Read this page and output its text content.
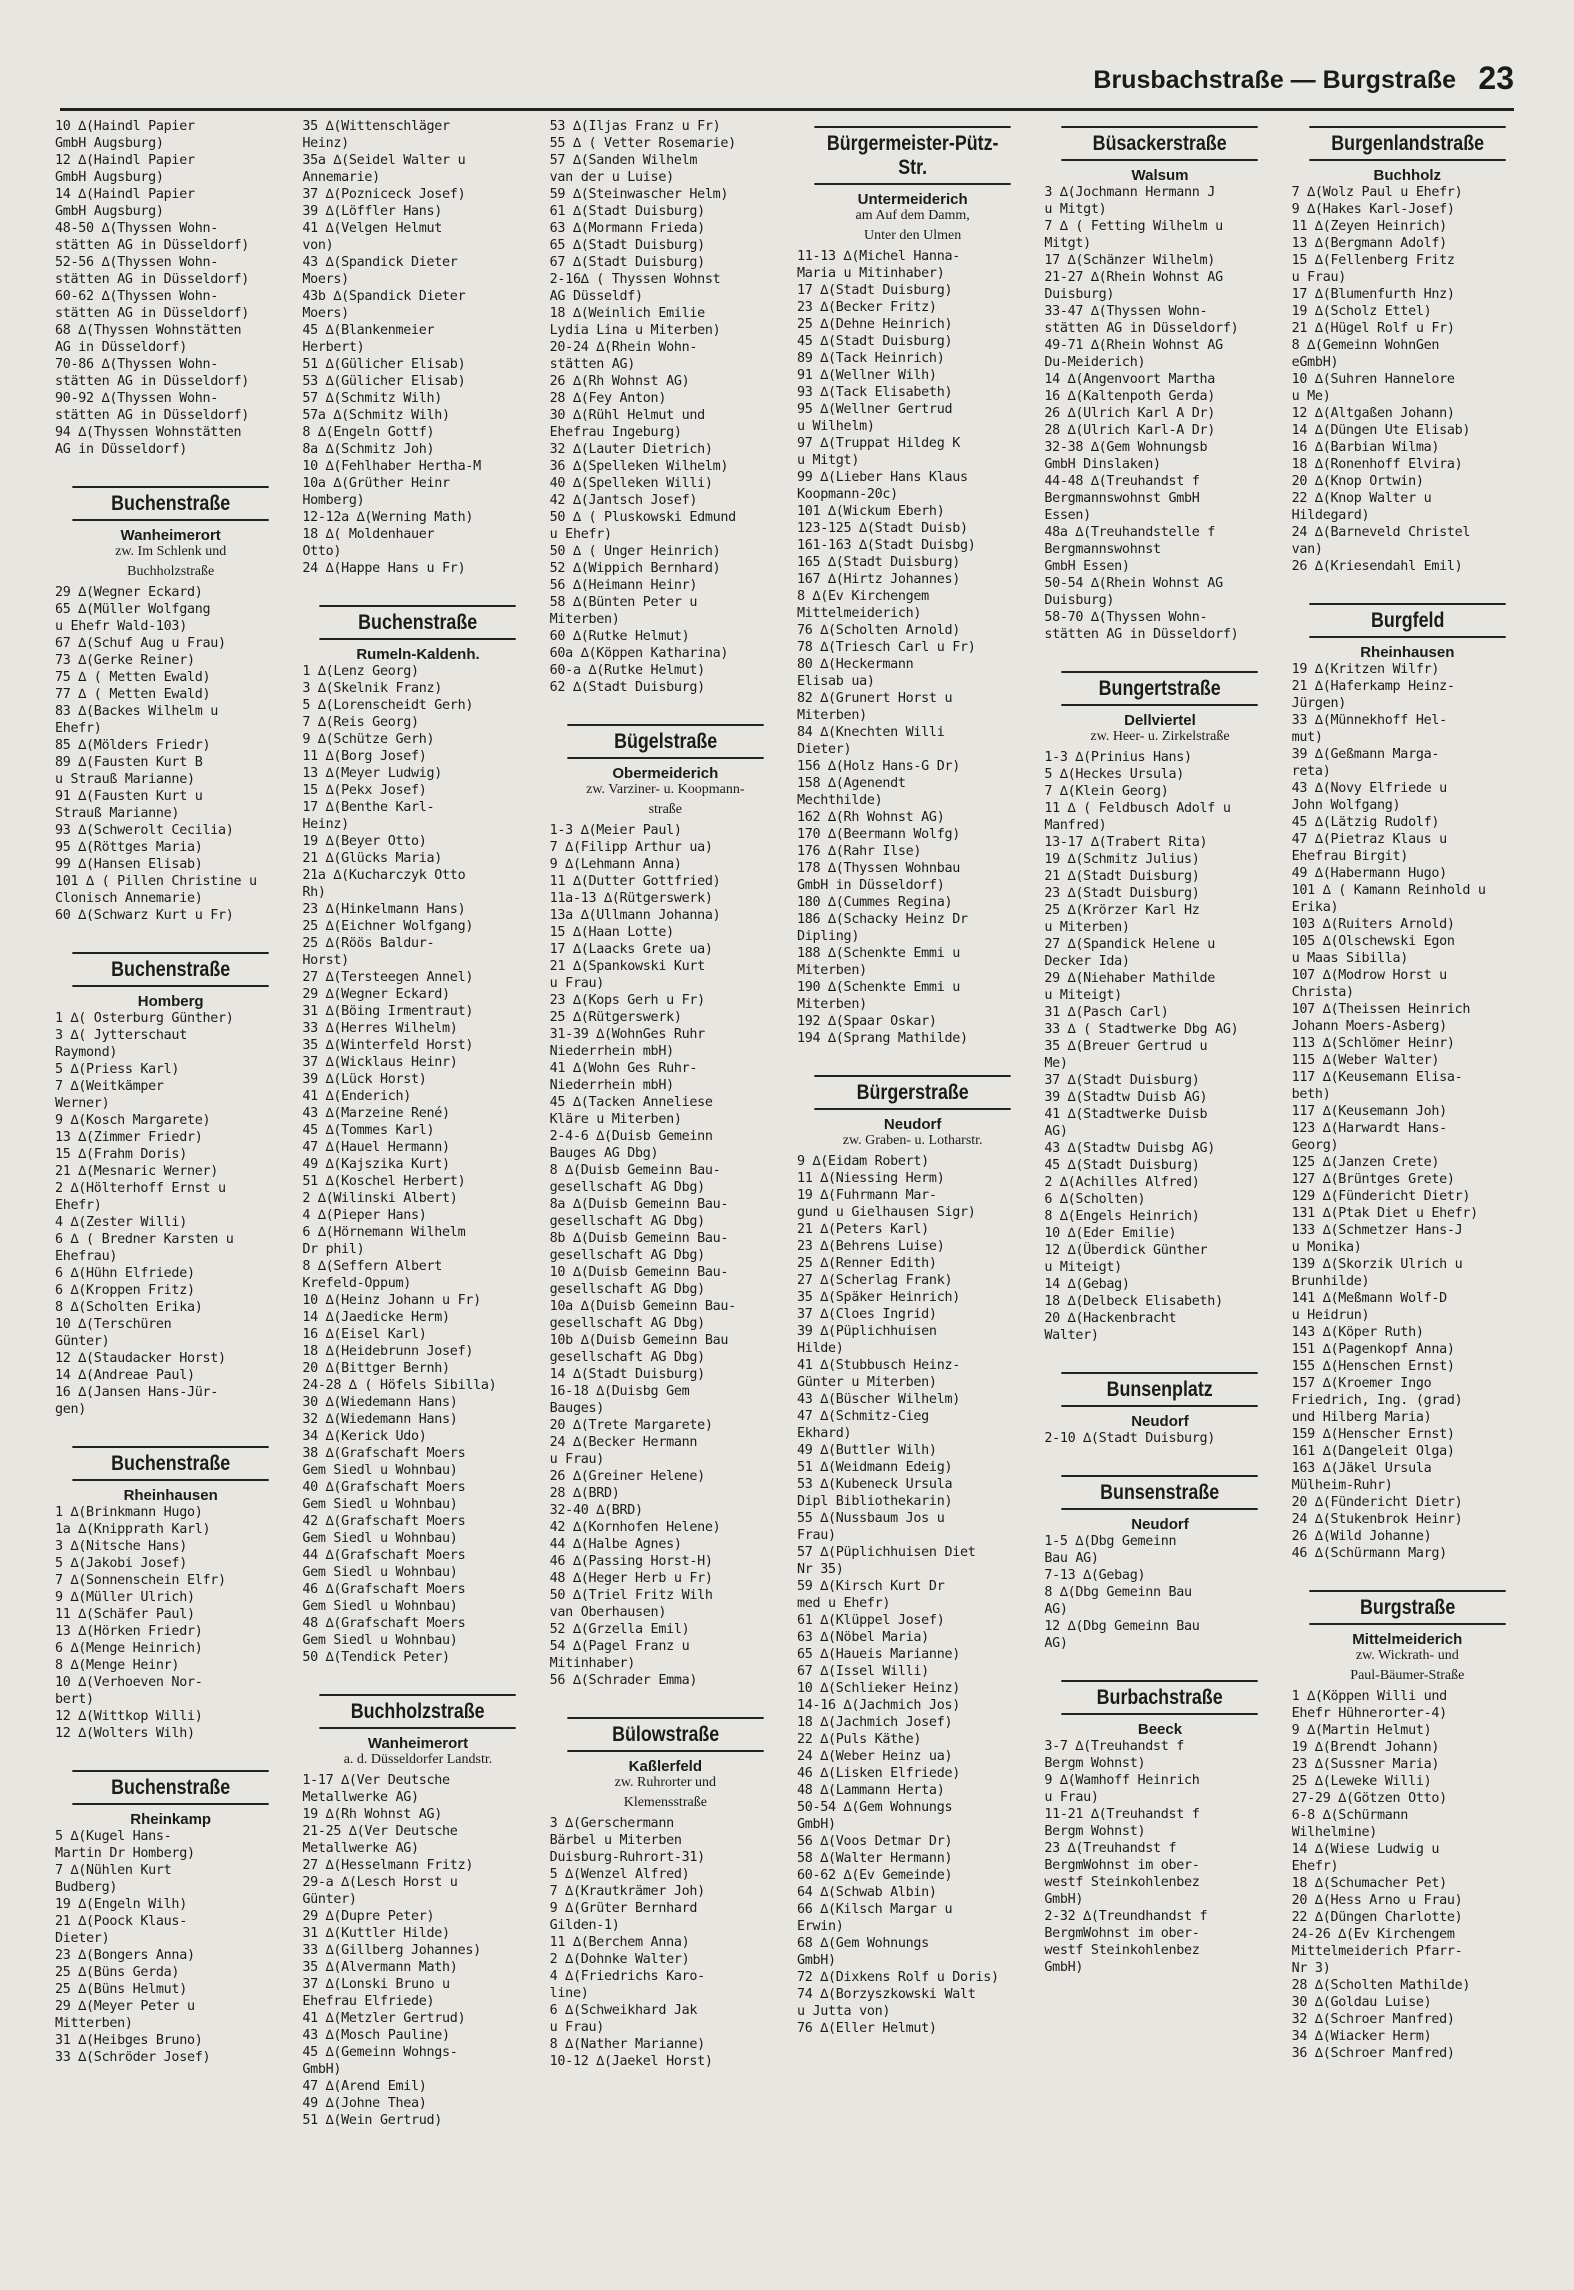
Brusbachstraße — Burgstraße 23
10 ∆(Haindl Papier
GmbH Augsburg)
12 ∆(Haindl Papier
GmbH Augsburg)
14 ∆(Haindl Papier
GmbH Augsburg)
48-50 ∆(Thyssen Wohn-
stätten AG in Düsseldorf)
52-56 ∆(Thyssen Wohn-
stätten AG in Düsseldorf)
60-62 ∆(Thyssen Wohn-
stätten AG in Düsseldorf)
68 ∆(Thyssen Wohnstätten
AG in Düsseldorf)
70-86 ∆(Thyssen Wohn-
stätten AG in Düsseldorf)
90-92 ∆(Thyssen Wohn-
stätten AG in Düsseldorf)
94 ∆(Thyssen Wohnstätten
AG in Düsseldorf)
Buchenstraße
Wanheimerort
zw. Im Schlenk und
Buchholzstraße
29 ∆(Wegner Eckard)
65 ∆(Müller Wolfgang
u Ehefr Wald-103)
67 ∆(Schuf Aug u Frau)
73 ∆(Gerke Reiner)
75 ∆ ( Metten Ewald)
77 ∆ ( Metten Ewald)
83 ∆(Backes Wilhelm u
Ehefr)
85 ∆(Mölders Friedr)
89 ∆(Fausten Kurt B
u Strauß Marianne)
91 ∆(Fausten Kurt u
Strauß Marianne)
93 ∆(Schwerolt Cecilia)
95 ∆(Röttges Maria)
99 ∆(Hansen Elisab)
101 ∆ ( Pillen Christine u
Clonisch Annemarie)
60 ∆(Schwarz Kurt u Fr)
Buchenstraße
Homberg
1 ∆( Osterburg Günther)
3 ∆( Jytterschaut
Raymond)
5 ∆(Priess Karl)
7 ∆(Weitkämper
Werner)
9 ∆(Kosch Margarete)
13 ∆(Zimmer Friedr)
15 ∆(Frahm Doris)
21 ∆(Mesnaric Werner)
2 ∆(Hölterhoff Ernst u
Ehefr)
4 ∆(Zester Willi)
6 ∆ ( Bredner Karsten u
Ehefrau)
6 ∆(Hühn Elfriede)
6 ∆(Kroppen Fritz)
8 ∆(Scholten Erika)
10 ∆(Terschüren
Günter)
12 ∆(Staudacker Horst)
14 ∆(Andreae Paul)
16 ∆(Jansen Hans-Jür-
gen)
Buchenstraße
Rheinhausen
1 ∆(Brinkmann Hugo)
1a ∆(Knipprath Karl)
3 ∆(Nitsche Hans)
5 ∆(Jakobi Josef)
7 ∆(Sonnenschein Elfr)
9 ∆(Müller Ulrich)
11 ∆(Schäfer Paul)
13 ∆(Hörken Friedr)
6 ∆(Menge Heinrich)
8 ∆(Menge Heinr)
10 ∆(Verhoeven Nor-
bert)
12 ∆(Wittkop Willi)
12 ∆(Wolters Wilh)
Buchenstraße
Rheinkamp
5 ∆(Kugel Hans-
Martin Dr Homberg)
7 ∆(Nühlen Kurt
Budberg)
19 ∆(Engeln Wilh)
21 ∆(Poock Klaus-
Dieter)
23 ∆(Bongers Anna)
25 ∆(Büns Gerda)
25 ∆(Büns Helmut)
29 ∆(Meyer Peter u
Mitterben)
31 ∆(Heibges Bruno)
33 ∆(Schröder Josef)
35 ∆(Wittenschläger
Heinz)
35a ∆(Seidel Walter u
Annemarie)
37 ∆(Pozniceck Josef)
39 ∆(Löffler Hans)
41 ∆(Velgen Helmut
von)
43 ∆(Spandick Dieter
Moers)
43b ∆(Spandick Dieter
Moers)
45 ∆(Blankenmeier
Herbert)
51 ∆(Gülicher Elisab)
53 ∆(Gülicher Elisab)
57 ∆(Schmitz Wilh)
57a ∆(Schmitz Wilh)
8 ∆(Engeln Gottf)
8a ∆(Schmitz Joh)
10 ∆(Fehlhaber Hertha-M
10a ∆(Grüther Heinr
Homberg)
12-12a ∆(Werning Math)
18 ∆( Moldenhauer
Otto)
24 ∆(Happe Hans u Fr)
Buchenstraße
Rumeln-Kaldenh.
1 ∆(Lenz Georg)
3 ∆(Skelnik Franz)
5 ∆(Lorenscheidt Gerh)
7 ∆(Reis Georg)
9 ∆(Schütze Gerh)
11 ∆(Borg Josef)
13 ∆(Meyer Ludwig)
15 ∆(Pekx Josef)
17 ∆(Benthe Karl-
Heinz)
19 ∆(Beyer Otto)
21 ∆(Glücks Maria)
21a ∆(Kucharczyk Otto
Rh)
23 ∆(Hinkelmann Hans)
25 ∆(Eichner Wolfgang)
25 ∆(Röös Baldur-
Horst)
27 ∆(Tersteegen Annel)
29 ∆(Wegner Eckard)
31 ∆(Böing Irmentraut)
33 ∆(Herres Wilhelm)
35 ∆(Winterfeld Horst)
37 ∆(Wicklaus Heinr)
39 ∆(Lück Horst)
41 ∆(Enderich)
43 ∆(Marzeine René)
45 ∆(Tommes Karl)
47 ∆(Hauel Hermann)
49 ∆(Kajszika Kurt)
51 ∆(Koschel Herbert)
2 ∆(Wilinski Albert)
4 ∆(Pieper Hans)
6 ∆(Hörnemann Wilhelm
Dr phil)
8 ∆(Seffern Albert
Krefeld-Oppum)
10 ∆(Heinz Johann u Fr)
14 ∆(Jaedicke Herm)
16 ∆(Eisel Karl)
18 ∆(Heidebrunn Josef)
20 ∆(Bittger Bernh)
24-28 ∆ ( Höfels Sibilla)
30 ∆(Wiedemann Hans)
32 ∆(Wiedemann Hans)
34 ∆(Kerick Udo)
38 ∆(Grafschaft Moers
Gem Siedl u Wohnbau)
40 ∆(Grafschaft Moers
Gem Siedl u Wohnbau)
42 ∆(Grafschaft Moers
Gem Siedl u Wohnbau)
44 ∆(Grafschaft Moers
Gem Siedl u Wohnbau)
46 ∆(Grafschaft Moers
Gem Siedl u Wohnbau)
48 ∆(Grafschaft Moers
Gem Siedl u Wohnbau)
50 ∆(Tendick Peter)
Buchholzstraße
Wanheimerort
a. d. Düsseldorfer Landstr.
1-17 ∆(Ver Deutsche
Metallwerke AG)
19 ∆(Rh Wohnst AG)
21-25 ∆(Ver Deutsche
Metallwerke AG)
27 ∆(Hesselmann Fritz)
29-a ∆(Lesch Horst u
Günter)
29 ∆(Dupre Peter)
31 ∆(Kuttler Hilde)
33 ∆(Gillberg Johannes)
35 ∆(Alvermann Math)
37 ∆(Lonski Bruno u
Ehefrau Elfriede)
41 ∆(Metzler Gertrud)
43 ∆(Mosch Pauline)
45 ∆(Gemeinn Wohngs-
GmbH)
47 ∆(Arend Emil)
49 ∆(Johne Thea)
51 ∆(Wein Gertrud)
53 ∆(Iljas Franz u Fr)
55 ∆ ( Vetter Rosemarie)
57 ∆(Sanden Wilhelm
van der u Luise)
59 ∆(Steinwascher Helm)
61 ∆(Stadt Duisburg)
63 ∆(Mormann Frieda)
65 ∆(Stadt Duisburg)
67 ∆(Stadt Duisburg)
2-16∆ ( Thyssen Wohnst
AG Düsseldf)
18 ∆(Weinlich Emilie
Lydia Lina u Miterben)
20-24 ∆(Rhein Wohn-
stätten AG)
26 ∆(Rh Wohnst AG)
28 ∆(Fey Anton)
30 ∆(Rühl Helmut und
Ehefrau Ingeburg)
32 ∆(Lauter Dietrich)
36 ∆(Spelleken Wilhelm)
40 ∆(Spelleken Willi)
42 ∆(Jantsch Josef)
50 ∆ ( Pluskowski Edmund
u Ehefr)
50 ∆ ( Unger Heinrich)
52 ∆(Wippich Bernhard)
56 ∆(Heimann Heinr)
58 ∆(Bünten Peter u
Miterben)
60 ∆(Rutke Helmut)
60a ∆(Köppen Katharina)
60-a ∆(Rutke Helmut)
62 ∆(Stadt Duisburg)
Bügelstraße
Obermeiderich
zw. Varziner- u. Koopmann-
straße
1-3 ∆(Meier Paul)
7 ∆(Filipp Arthur ua)
9 ∆(Lehmann Anna)
11 ∆(Dutter Gottfried)
11a-13 ∆(Rütgerswerk)
13a ∆(Ullmann Johanna)
15 ∆(Haan Lotte)
17 ∆(Laacks Grete ua)
21 ∆(Spankowski Kurt
u Frau)
23 ∆(Kops Gerh u Fr)
25 ∆(Rütgerswerk)
31-39 ∆(WohnGes Ruhr
Niederrhein mbH)
41 ∆(Wohn Ges Ruhr-
Niederrhein mbH)
45 ∆(Tacken Anneliese
Kläre u Miterben)
2-4-6 ∆(Duisb Gemeinn
Bauges AG Dbg)
8 ∆(Duisb Gemeinn Bau-
gesellschaft AG Dbg)
8a ∆(Duisb Gemeinn Bau-
gesellschaft AG Dbg)
8b ∆(Duisb Gemeinn Bau-
gesellschaft AG Dbg)
10 ∆(Duisb Gemeinn Bau-
gesellschaft AG Dbg)
10a ∆(Duisb Gemeinn Bau-
gesellschaft AG Dbg)
10b ∆(Duisb Gemeinn Bau
gesellschaft AG Dbg)
14 ∆(Stadt Duisburg)
16-18 ∆(Duisbg Gem
Bauges)
20 ∆(Trete Margarete)
24 ∆(Becker Hermann
u Frau)
26 ∆(Greiner Helene)
28 ∆(BRD)
32-40 ∆(BRD)
42 ∆(Kornhofen Helene)
44 ∆(Halbe Agnes)
46 ∆(Passing Horst-H)
48 ∆(Heger Herb u Fr)
50 ∆(Triel Fritz Wilh
van Oberhausen)
52 ∆(Grzella Emil)
54 ∆(Pagel Franz u
Mitinhaber)
56 ∆(Schrader Emma)
Bülowstraße
Kaßlerfeld
zw. Ruhrorter und
Klemensstraße
3 ∆(Gerschermann
Bärbel u Miterben
Duisburg-Ruhrort-31)
5 ∆(Wenzel Alfred)
7 ∆(Krautkrämer Joh)
9 ∆(Grüter Bernhard
Gilden-1)
11 ∆(Berchem Anna)
2 ∆(Dohnke Walter)
4 ∆(Friedrichs Karo-
line)
6 ∆(Schweikhard Jak
u Frau)
8 ∆(Nather Marianne)
10-12 ∆(Jaekel Horst)
Bürgermeister-Pütz-Str.
Untermeiderich
am Auf dem Damm,
Unter den Ulmen
11-13 ∆(Michel Hanna-
Maria u Mitinhaber)
17 ∆(Stadt Duisburg)
23 ∆(Becker Fritz)
25 ∆(Dehne Heinrich)
45 ∆(Stadt Duisburg)
89 ∆(Tack Heinrich)
91 ∆(Wellner Wilh)
93 ∆(Tack Elisabeth)
95 ∆(Wellner Gertrud
u Wilhelm)
97 ∆(Truppat Hildeg K
u Mitgt)
99 ∆(Lieber Hans Klaus
Koopmann-20c)
101 ∆(Wickum Eberh)
123-125 ∆(Stadt Duisb)
161-163 ∆(Stadt Duisbg)
165 ∆(Stadt Duisburg)
167 ∆(Hirtz Johannes)
8 ∆(Ev Kirchengem
Mittelmeiderich)
76 ∆(Scholten Arnold)
78 ∆(Triesch Carl u Fr)
80 ∆(Heckermann
Elisab ua)
82 ∆(Grunert Horst u
Miterben)
84 ∆(Knechten Willi
Dieter)
156 ∆(Holz Hans-G Dr)
158 ∆(Agenendt
Mechthilde)
162 ∆(Rh Wohnst AG)
170 ∆(Beermann Wolfg)
176 ∆(Rahr Ilse)
178 ∆(Thyssen Wohnbau
GmbH in Düsseldorf)
180 ∆(Cummes Regina)
186 ∆(Schacky Heinz Dr
Dipling)
188 ∆(Schenkte Emmi u
Miterben)
190 ∆(Schenkte Emmi u
Miterben)
192 ∆(Spaar Oskar)
194 ∆(Sprang Mathilde)
Bürgerstraße
Neudorf
zw. Graben- u. Lotharstr.
9 ∆(Eidam Robert)
11 ∆(Niessing Herm)
19 ∆(Fuhrmann Mar-
gund u Gielhausen Sigr)
21 ∆(Peters Karl)
23 ∆(Behrens Luise)
25 ∆(Renner Edith)
27 ∆(Scherlag Frank)
35 ∆(Späker Heinrich)
37 ∆(Cloes Ingrid)
39 ∆(Püplichhuisen
Hilde)
41 ∆(Stubbusch Heinz-
Günter u Miterben)
43 ∆(Büscher Wilhelm)
47 ∆(Schmitz-Cieg
Ekhard)
49 ∆(Buttler Wilh)
51 ∆(Weidmann Edeig)
53 ∆(Kubeneck Ursula
Dipl Bibliothekarin)
55 ∆(Nussbaum Jos u
Frau)
57 ∆(Püplichhuisen Diet
Nr 35)
59 ∆(Kirsch Kurt Dr
med u Ehefr)
61 ∆(Klüppel Josef)
63 ∆(Nöbel Maria)
65 ∆(Haueis Marianne)
67 ∆(Issel Willi)
10 ∆(Schlieker Heinz)
14-16 ∆(Jachmich Jos)
18 ∆(Jachmich Josef)
22 ∆(Puls Käthe)
24 ∆(Weber Heinz ua)
46 ∆(Lisken Elfriede)
48 ∆(Lammann Herta)
50-54 ∆(Gem Wohnungs
GmbH)
56 ∆(Voos Detmar Dr)
58 ∆(Walter Hermann)
60-62 ∆(Ev Gemeinde)
64 ∆(Schwab Albin)
66 ∆(Kilsch Margar u
Erwin)
68 ∆(Gem Wohnungs
GmbH)
72 ∆(Dixkens Rolf u Doris)
74 ∆(Borzyszkowski Walt
u Jutta von)
76 ∆(Eller Helmut)
Büsackerstraße
Walsum
3 ∆(Jochmann Hermann J
u Mitgt)
7 ∆ ( Fetting Wilhelm u
Mitgt)
17 ∆(Schänzer Wilhelm)
21-27 ∆(Rhein Wohnst AG
Duisburg)
33-47 ∆(Thyssen Wohn-
stätten AG in Düsseldorf)
49-71 ∆(Rhein Wohnst AG
Du-Meiderich)
14 ∆(Angenvoort Martha
16 ∆(Kaltenpoth Gerda)
26 ∆(Ulrich Karl A Dr)
28 ∆(Ulrich Karl-A Dr)
32-38 ∆(Gem Wohnungsb
GmbH Dinslaken)
44-48 ∆(Treuhandst f
Bergmannswohnst GmbH
Essen)
48a ∆(Treuhandstelle f
Bergmannswohnst
GmbH Essen)
50-54 ∆(Rhein Wohnst AG
Duisburg)
58-70 ∆(Thyssen Wohn-
stätten AG in Düsseldorf)
Bungertstraße
Dellviertel
zw. Heer- u. Zirkelstraße
1-3 ∆(Prinius Hans)
5 ∆(Heckes Ursula)
7 ∆(Klein Georg)
11 ∆ ( Feldbusch Adolf u
Manfred)
13-17 ∆(Trabert Rita)
19 ∆(Schmitz Julius)
21 ∆(Stadt Duisburg)
23 ∆(Stadt Duisburg)
25 ∆(Krörzer Karl Hz
u Miterben)
27 ∆(Spandick Helene u
Decker Ida)
29 ∆(Niehaber Mathilde
u Miteigt)
31 ∆(Pasch Carl)
33 ∆ ( Stadtwerke Dbg AG)
35 ∆(Breuer Gertrud u
Me)
37 ∆(Stadt Duisburg)
39 ∆(Stadtw Duisb AG)
41 ∆(Stadtwerke Duisb
AG)
43 ∆(Stadtw Duisbg AG)
45 ∆(Stadt Duisburg)
2 ∆(Achilles Alfred)
6 ∆(Scholten)
8 ∆(Engels Heinrich)
10 ∆(Eder Emilie)
12 ∆(Überdick Günther
u Miteigt)
14 ∆(Gebag)
18 ∆(Delbeck Elisabeth)
20 ∆(Hackenbracht
Walter)
Bunsenplatz
Neudorf
2-10 ∆(Stadt Duisburg)
Bunsenstraße
Neudorf
1-5 ∆(Dbg Gemeinn
Bau AG)
7-13 ∆(Gebag)
8 ∆(Dbg Gemeinn Bau
AG)
12 ∆(Dbg Gemeinn Bau
AG)
Burbachstraße
Beeck
3-7 ∆(Treuhandst f
Bergm Wohnst)
9 ∆(Wamhoff Heinrich
u Frau)
11-21 ∆(Treuhandst f
Bergm Wohnst)
23 ∆(Treuhandst f
BergmWohnst im ober-
westf Steinkohlenbez
GmbH)
2-32 ∆(Treundhandst f
BergmWohnst im ober-
westf Steinkohlenbez
GmbH)
Burgenlandstraße
Buchholz
7 ∆(Wolz Paul u Ehefr)
9 ∆(Hakes Karl-Josef)
11 ∆(Zeyen Heinrich)
13 ∆(Bergmann Adolf)
15 ∆(Fellenberg Fritz
u Frau)
17 ∆(Blumenfurth Hnz)
19 ∆(Scholz Ettel)
21 ∆(Hügel Rolf u Fr)
8 ∆(Gemeinn WohnGen
eGmbH)
10 ∆(Suhren Hannelore
u Me)
12 ∆(Altgaßen Johann)
14 ∆(Düngen Ute Elisab)
16 ∆(Barbian Wilma)
18 ∆(Ronenhoff Elvira)
20 ∆(Knop Ortwin)
22 ∆(Knop Walter u
Hildegard)
24 ∆(Barneveld Christel
van)
26 ∆(Kriesendahl Emil)
Burgfeld
Rheinhausen
19 ∆(Kritzen Wilfr)
21 ∆(Haferkamp Heinz-
Jürgen)
33 ∆(Münnekhoff Hel-
mut)
39 ∆(Geßmann Marga-
reta)
43 ∆(Novy Elfriede u
John Wolfgang)
45 ∆(Lätzig Rudolf)
47 ∆(Pietraz Klaus u
Ehefrau Birgit)
49 ∆(Habermann Hugo)
101 ∆ ( Kamann Reinhold u
Erika)
103 ∆(Ruiters Arnold)
105 ∆(Olschewski Egon
u Maas Sibilla)
107 ∆(Modrow Horst u
Christa)
107 ∆(Theissen Heinrich
Johann Moers-Asberg)
113 ∆(Schlömer Heinr)
115 ∆(Weber Walter)
117 ∆(Keusemann Elisa-
beth)
117 ∆(Keusemann Joh)
123 ∆(Harwardt Hans-
Georg)
125 ∆(Janzen Crete)
127 ∆(Brüntges Grete)
129 ∆(Fündericht Dietr)
131 ∆(Ptak Diet u Ehefr)
133 ∆(Schmetzer Hans-J
u Monika)
139 ∆(Skorzik Ulrich u
Brunhilde)
141 ∆(Meßmann Wolf-D
u Heidrun)
143 ∆(Köper Ruth)
151 ∆(Pagenkopf Anna)
155 ∆(Henschen Ernst)
157 ∆(Kroemer Ingo
Friedrich, Ing. (grad)
und Hilberg Maria)
159 ∆(Henscher Ernst)
161 ∆(Dangeleit Olga)
163 ∆(Jäkel Ursula
Mülheim-Ruhr)
20 ∆(Fündericht Dietr)
24 ∆(Stukenbrok Heinr)
26 ∆(Wild Johanne)
46 ∆(Schürmann Marg)
Burgstraße
Mittelmeiderich
zw. Wickrath- und
Paul-Bäumer-Straße
1 ∆(Köppen Willi und
Ehefr Hühnerorter-4)
9 ∆(Martin Helmut)
19 ∆(Brendt Johann)
23 ∆(Sussner Maria)
25 ∆(Leweke Willi)
27-29 ∆(Götzen Otto)
6-8 ∆(Schürmann
Wilhelmine)
14 ∆(Wiese Ludwig u
Ehefr)
18 ∆(Schumacher Pet)
20 ∆(Hess Arno u Frau)
22 ∆(Düngen Charlotte)
24-26 ∆(Ev Kirchengem
Mittelmeiderich Pfarr-
Nr 3)
28 ∆(Scholten Mathilde)
30 ∆(Goldau Luise)
32 ∆(Schroer Manfred)
34 ∆(Wiacker Herm)
36 ∆(Schroer Manfred)
